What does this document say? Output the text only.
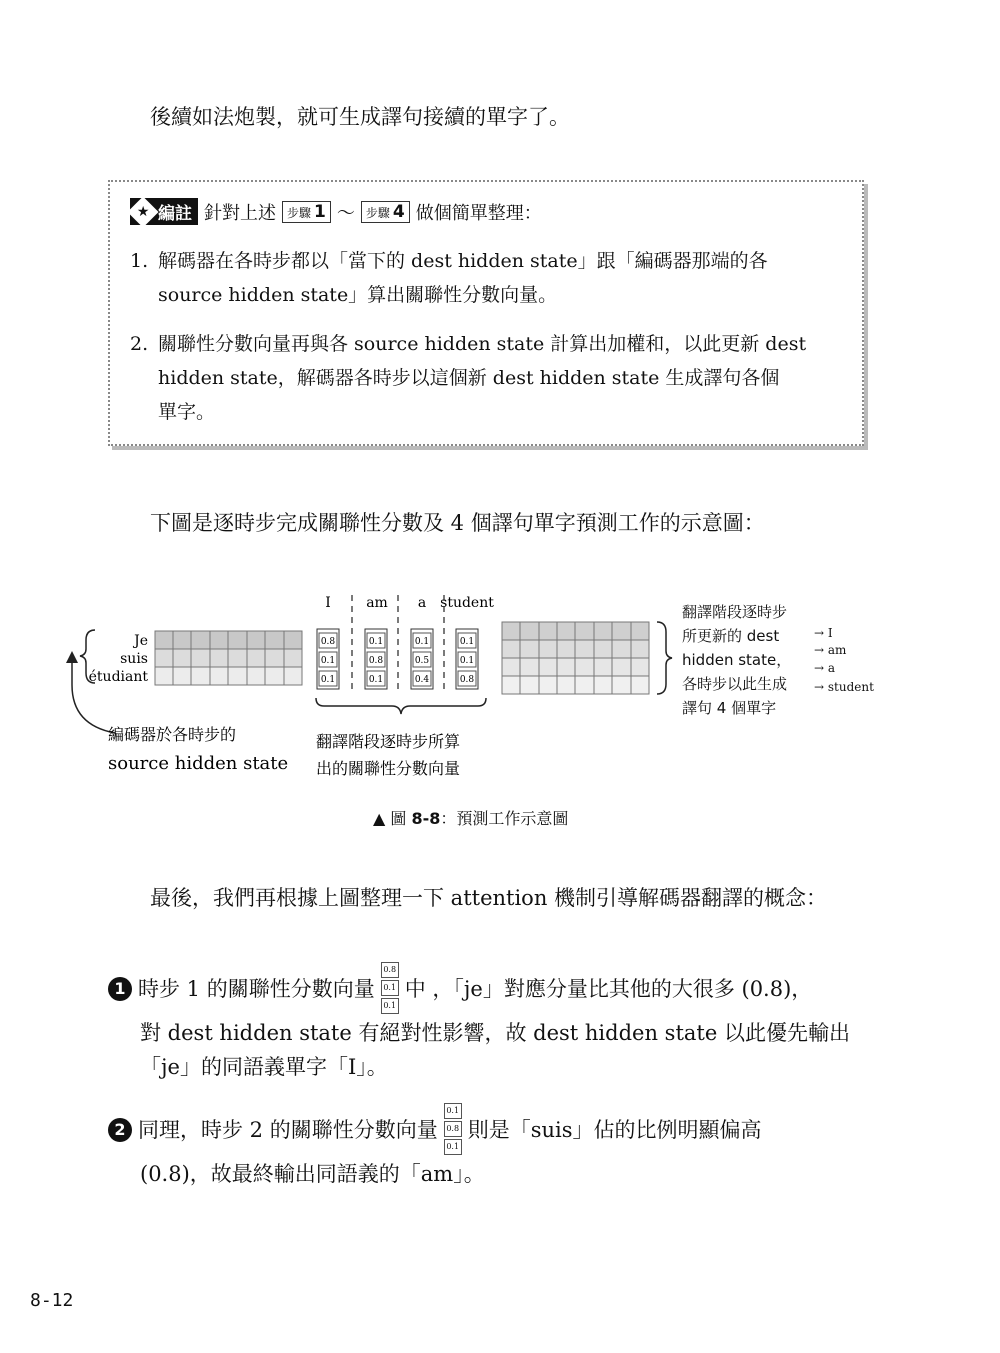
後續如法炮製，就可生成譯句接續的單字了。
★ 編註 針對上述 步驟 1 ～ 步驟 4 做個簡單整理：
1. 解碼器在各時步都以「當下的 dest hidden state」跟「編碼器那端的各
source hidden state」算出關聯性分數向量。
2. 關聯性分數向量再與各 source hidden state 計算出加權和，以此更新 dest
hidden state，解碼器各時步以這個新 dest hidden state 生成譯句各個
單字。
下圖是逐時步完成關聯性分數及 4 個譯句單字預測工作的示意圖：
Je
suis
étudiant
I	am a student
0.8
0.1
0.1
0.1
0.8
0.1
0.1
0.5
0.4
0.1
0.1
0.8
翻譯階段逐時步
所更新的 dest
hidden state，
各時步以此生成
譯句 4 個單字
→ I
→ am
→ a
→ student
編碼器於各時步的
source hidden state
翻譯階段逐時步所算
出的關聯性分數向量
▲ 圖 8-8：預測工作示意圖
最後，我們再根據上圖整理一下 attention 機制引導解碼器翻譯的概念：
1 時步 1 的關聯性分數向量
0.8
0.1
0.1
中 ，「je」對應分量比其他的大很多 (0.8)，
對 dest hidden state 有絕對性影響，故 dest hidden state 以此優先輸出
「je」的同語義單字「I」。
2 同理，時步 2 的關聯性分數向量
0.1
0.8
0.1
則是「suis」佔的比例明顯偏高
(0.8)，故最終輸出同語義的「am」。
8-12
